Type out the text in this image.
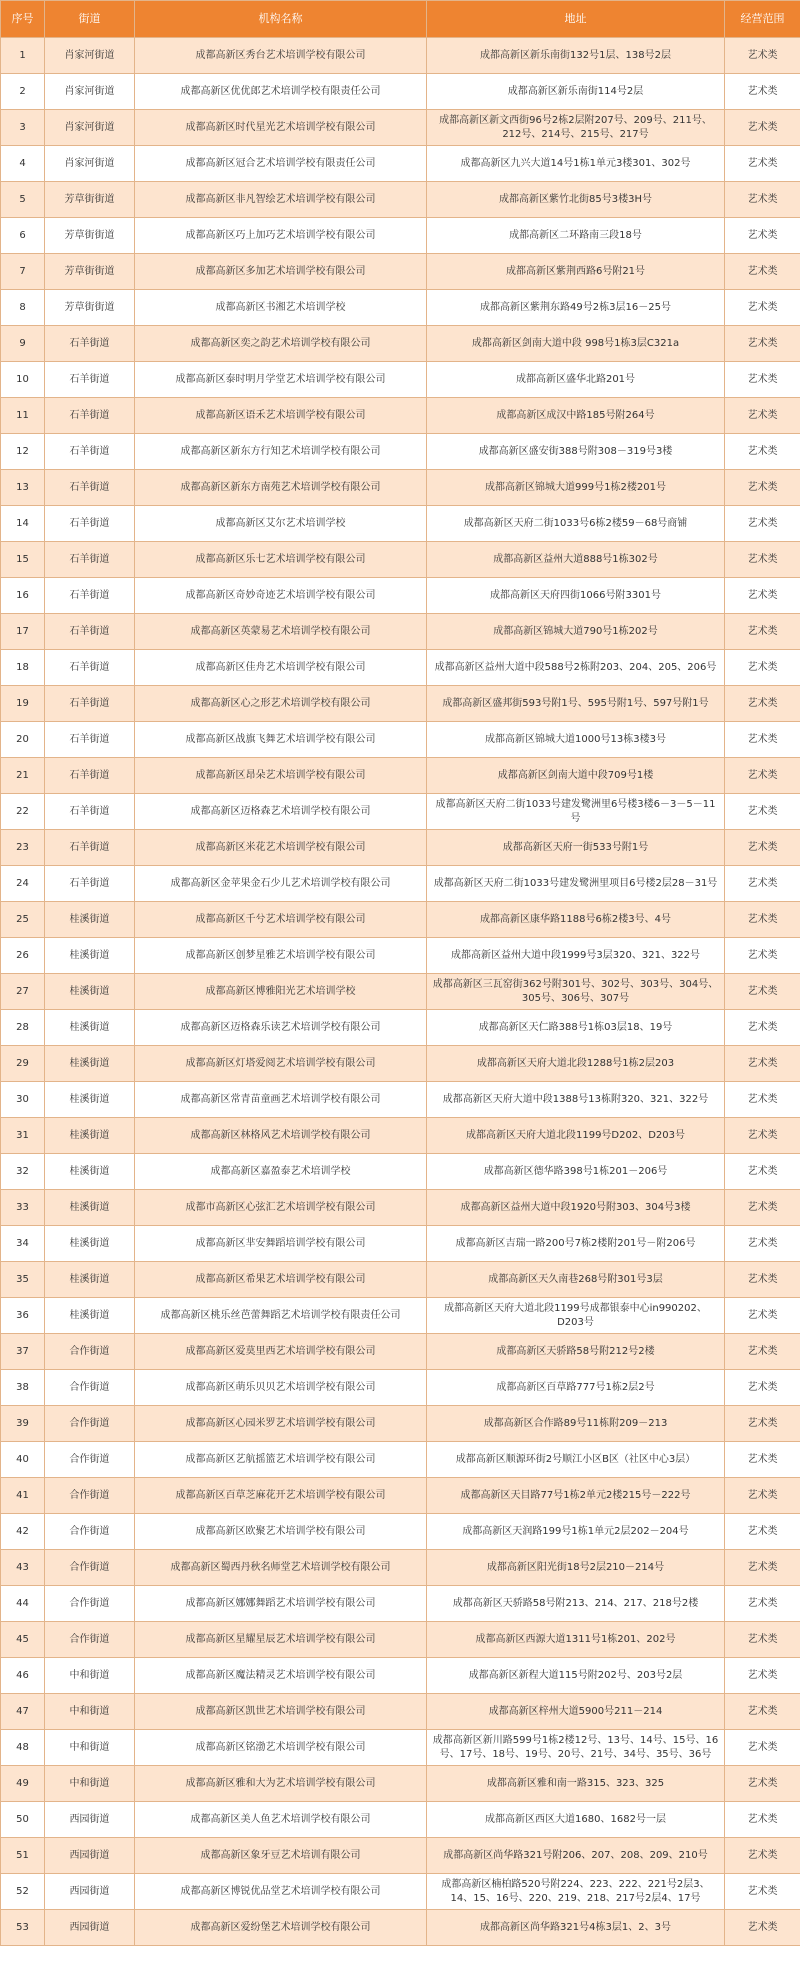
序号	街道	机构名称	地址	经营范围
1	肖家河街道	成都高新区秀台艺术培训学校有限公司	成都高新区新乐南街132号1层、138号2层	艺术类
2	肖家河街道	成都高新区优优郎艺术培训学校有限责任公司	成都高新区新乐南街114号2层	艺术类
3	肖家河街道	成都高新区时代星光艺术培训学校有限公司	成都高新区新文西街96号2栋2层附207号、209号、211号、212号、214号、215号、217号	艺术类
4	肖家河街道	成都高新区冠合艺术培训学校有限责任公司	成都高新区九兴大道14号1栋1单元3楼301、302号	艺术类
5	芳草街街道	成都高新区非凡智绘艺术培训学校有限公司	成都高新区紫竹北街85号3楼3H号	艺术类
6	芳草街街道	成都高新区巧上加巧艺术培训学校有限公司	成都高新区二环路南三段18号	艺术类
7	芳草街街道	成都高新区多加艺术培训学校有限公司	成都高新区紫荆西路6号附21号	艺术类
8	芳草街街道	成都高新区书湘艺术培训学校	成都高新区紫荆东路49号2栋3层16－25号	艺术类
9	石羊街道	成都高新区奕之韵艺术培训学校有限公司	成都高新区剑南大道中段 998号1栋3层C321a	艺术类
10	石羊街道	成都高新区泰时明月学堂艺术培训学校有限公司	成都高新区盛华北路201号	艺术类
11	石羊街道	成都高新区语禾艺术培训学校有限公司	成都高新区成汉中路185号附264号	艺术类
12	石羊街道	成都高新区新东方行知艺术培训学校有限公司	成都高新区盛安街388号附308－319号3楼	艺术类
13	石羊街道	成都高新区新东方南苑艺术培训学校有限公司	成都高新区锦城大道999号1栋2楼201号	艺术类
14	石羊街道	成都高新区艾尔艺术培训学校	成都高新区天府二街1033号6栋2楼59－68号商铺	艺术类
15	石羊街道	成都高新区乐七艺术培训学校有限公司	成都高新区益州大道888号1栋302号	艺术类
16	石羊街道	成都高新区奇妙奇迹艺术培训学校有限公司	成都高新区天府四街1066号附3301号	艺术类
17	石羊街道	成都高新区英蒙易艺术培训学校有限公司	成都高新区锦城大道790号1栋202号	艺术类
18	石羊街道	成都高新区佳舟艺术培训学校有限公司	成都高新区益州大道中段588号2栋附203、204、205、206号	艺术类
19	石羊街道	成都高新区心之形艺术培训学校有限公司	成都高新区盛邦街593号附1号、595号附1号、597号附1号	艺术类
20	石羊街道	成都高新区战旗飞舞艺术培训学校有限公司	成都高新区锦城大道1000号13栋3楼3号	艺术类
21	石羊街道	成都高新区昂朵艺术培训学校有限公司	成都高新区剑南大道中段709号1楼	艺术类
22	石羊街道	成都高新区迈格森艺术培训学校有限公司	成都高新区天府二街1033号建发鹭洲里6号楼3楼6－3－5－11号	艺术类
23	石羊街道	成都高新区米花艺术培训学校有限公司	成都高新区天府一街533号附1号	艺术类
24	石羊街道	成都高新区金苹果金石少儿艺术培训学校有限公司	成都高新区天府二街1033号建发鹭洲里项目6号楼2层28－31号	艺术类
25	桂溪街道	成都高新区千兮艺术培训学校有限公司	成都高新区康华路1188号6栋2楼3号、4号	艺术类
26	桂溪街道	成都高新区创梦星雅艺术培训学校有限公司	成都高新区益州大道中段1999号3层320、321、322号	艺术类
27	桂溪街道	成都高新区博雅阳光艺术培训学校	成都高新区三瓦窑街362号附301号、302号、303号、304号、305号、306号、307号	艺术类
28	桂溪街道	成都高新区迈格森乐读艺术培训学校有限公司	成都高新区天仁路388号1栋03层18、19号	艺术类
29	桂溪街道	成都高新区灯塔爱阅艺术培训学校有限公司	成都高新区天府大道北段1288号1栋2层203	艺术类
30	桂溪街道	成都高新区常青苗童画艺术培训学校有限公司	成都高新区天府大道中段1388号13栋附320、321、322号	艺术类
31	桂溪街道	成都高新区林格风艺术培训学校有限公司	成都高新区天府大道北段1199号D202、D203号	艺术类
32	桂溪街道	成都高新区嘉盈泰艺术培训学校	成都高新区德华路398号1栋201－206号	艺术类
33	桂溪街道	成都市高新区心弦汇艺术培训学校有限公司	成都高新区益州大道中段1920号附303、304号3楼	艺术类
34	桂溪街道	成都高新区芈安舞蹈培训学校有限公司	成都高新区吉瑞一路200号7栋2楼附201号－附206号	艺术类
35	桂溪街道	成都高新区希果艺术培训学校有限公司	成都高新区天久南巷268号附301号3层	艺术类
36	桂溪街道	成都高新区桃乐丝芭蕾舞蹈艺术培训学校有限责任公司	成都高新区天府大道北段1199号成都银泰中心in990202、D203号	艺术类
37	合作街道	成都高新区爱莫里西艺术培训学校有限公司	成都高新区天骄路58号附212号2楼	艺术类
38	合作街道	成都高新区萌乐贝贝艺术培训学校有限公司	成都高新区百草路777号1栋2层2号	艺术类
39	合作街道	成都高新区心园米罗艺术培训学校有限公司	成都高新区合作路89号11栋附209－213	艺术类
40	合作街道	成都高新区艺航摇篮艺术培训学校有限公司	成都高新区顺源环街2号顺江小区B区（社区中心3层）	艺术类
41	合作街道	成都高新区百草芝麻花开艺术培训学校有限公司	成都高新区天目路77号1栋2单元2楼215号－222号	艺术类
42	合作街道	成都高新区欧聚艺术培训学校有限公司	成都高新区天润路199号1栋1单元2层202－204号	艺术类
43	合作街道	成都高新区蜀西丹秋名师堂艺术培训学校有限公司	成都高新区阳光街18号2层210－214号	艺术类
44	合作街道	成都高新区娜娜舞蹈艺术培训学校有限公司	成都高新区天骄路58号附213、214、217、218号2楼	艺术类
45	合作街道	成都高新区星耀星辰艺术培训学校有限公司	成都高新区西源大道1311号1栋201、202号	艺术类
46	中和街道	成都高新区魔法精灵艺术培训学校有限公司	成都高新区新程大道115号附202号、203号2层	艺术类
47	中和街道	成都高新区凯世艺术培训学校有限公司	成都高新区梓州大道5900号211－214	艺术类
48	中和街道	成都高新区铭渤艺术培训学校有限公司	成都高新区新川路599号1栋2楼12号、13号、14号、15号、16号、17号、18号、19号、20号、21号、34号、35号、36号	艺术类
49	中和街道	成都高新区雅和大为艺术培训学校有限公司	成都高新区雅和南一路315、323、325	艺术类
50	西园街道	成都高新区美人鱼艺术培训学校有限公司	成都高新区西区大道1680、1682号一层	艺术类
51	西园街道	成都高新区象牙豆艺术培训有限公司	成都高新区尚华路321号附206、207、208、209、210号	艺术类
52	西园街道	成都高新区博锐优品堂艺术培训学校有限公司	成都高新区楠柏路520号附224、223、222、221号2层3、14、15、16号、220、219、218、217号2层4、17号	艺术类
53	西园街道	成都高新区爱纷堡艺术培训学校有限公司	成都高新区尚华路321号4栋3层1、2、3号	艺术类
